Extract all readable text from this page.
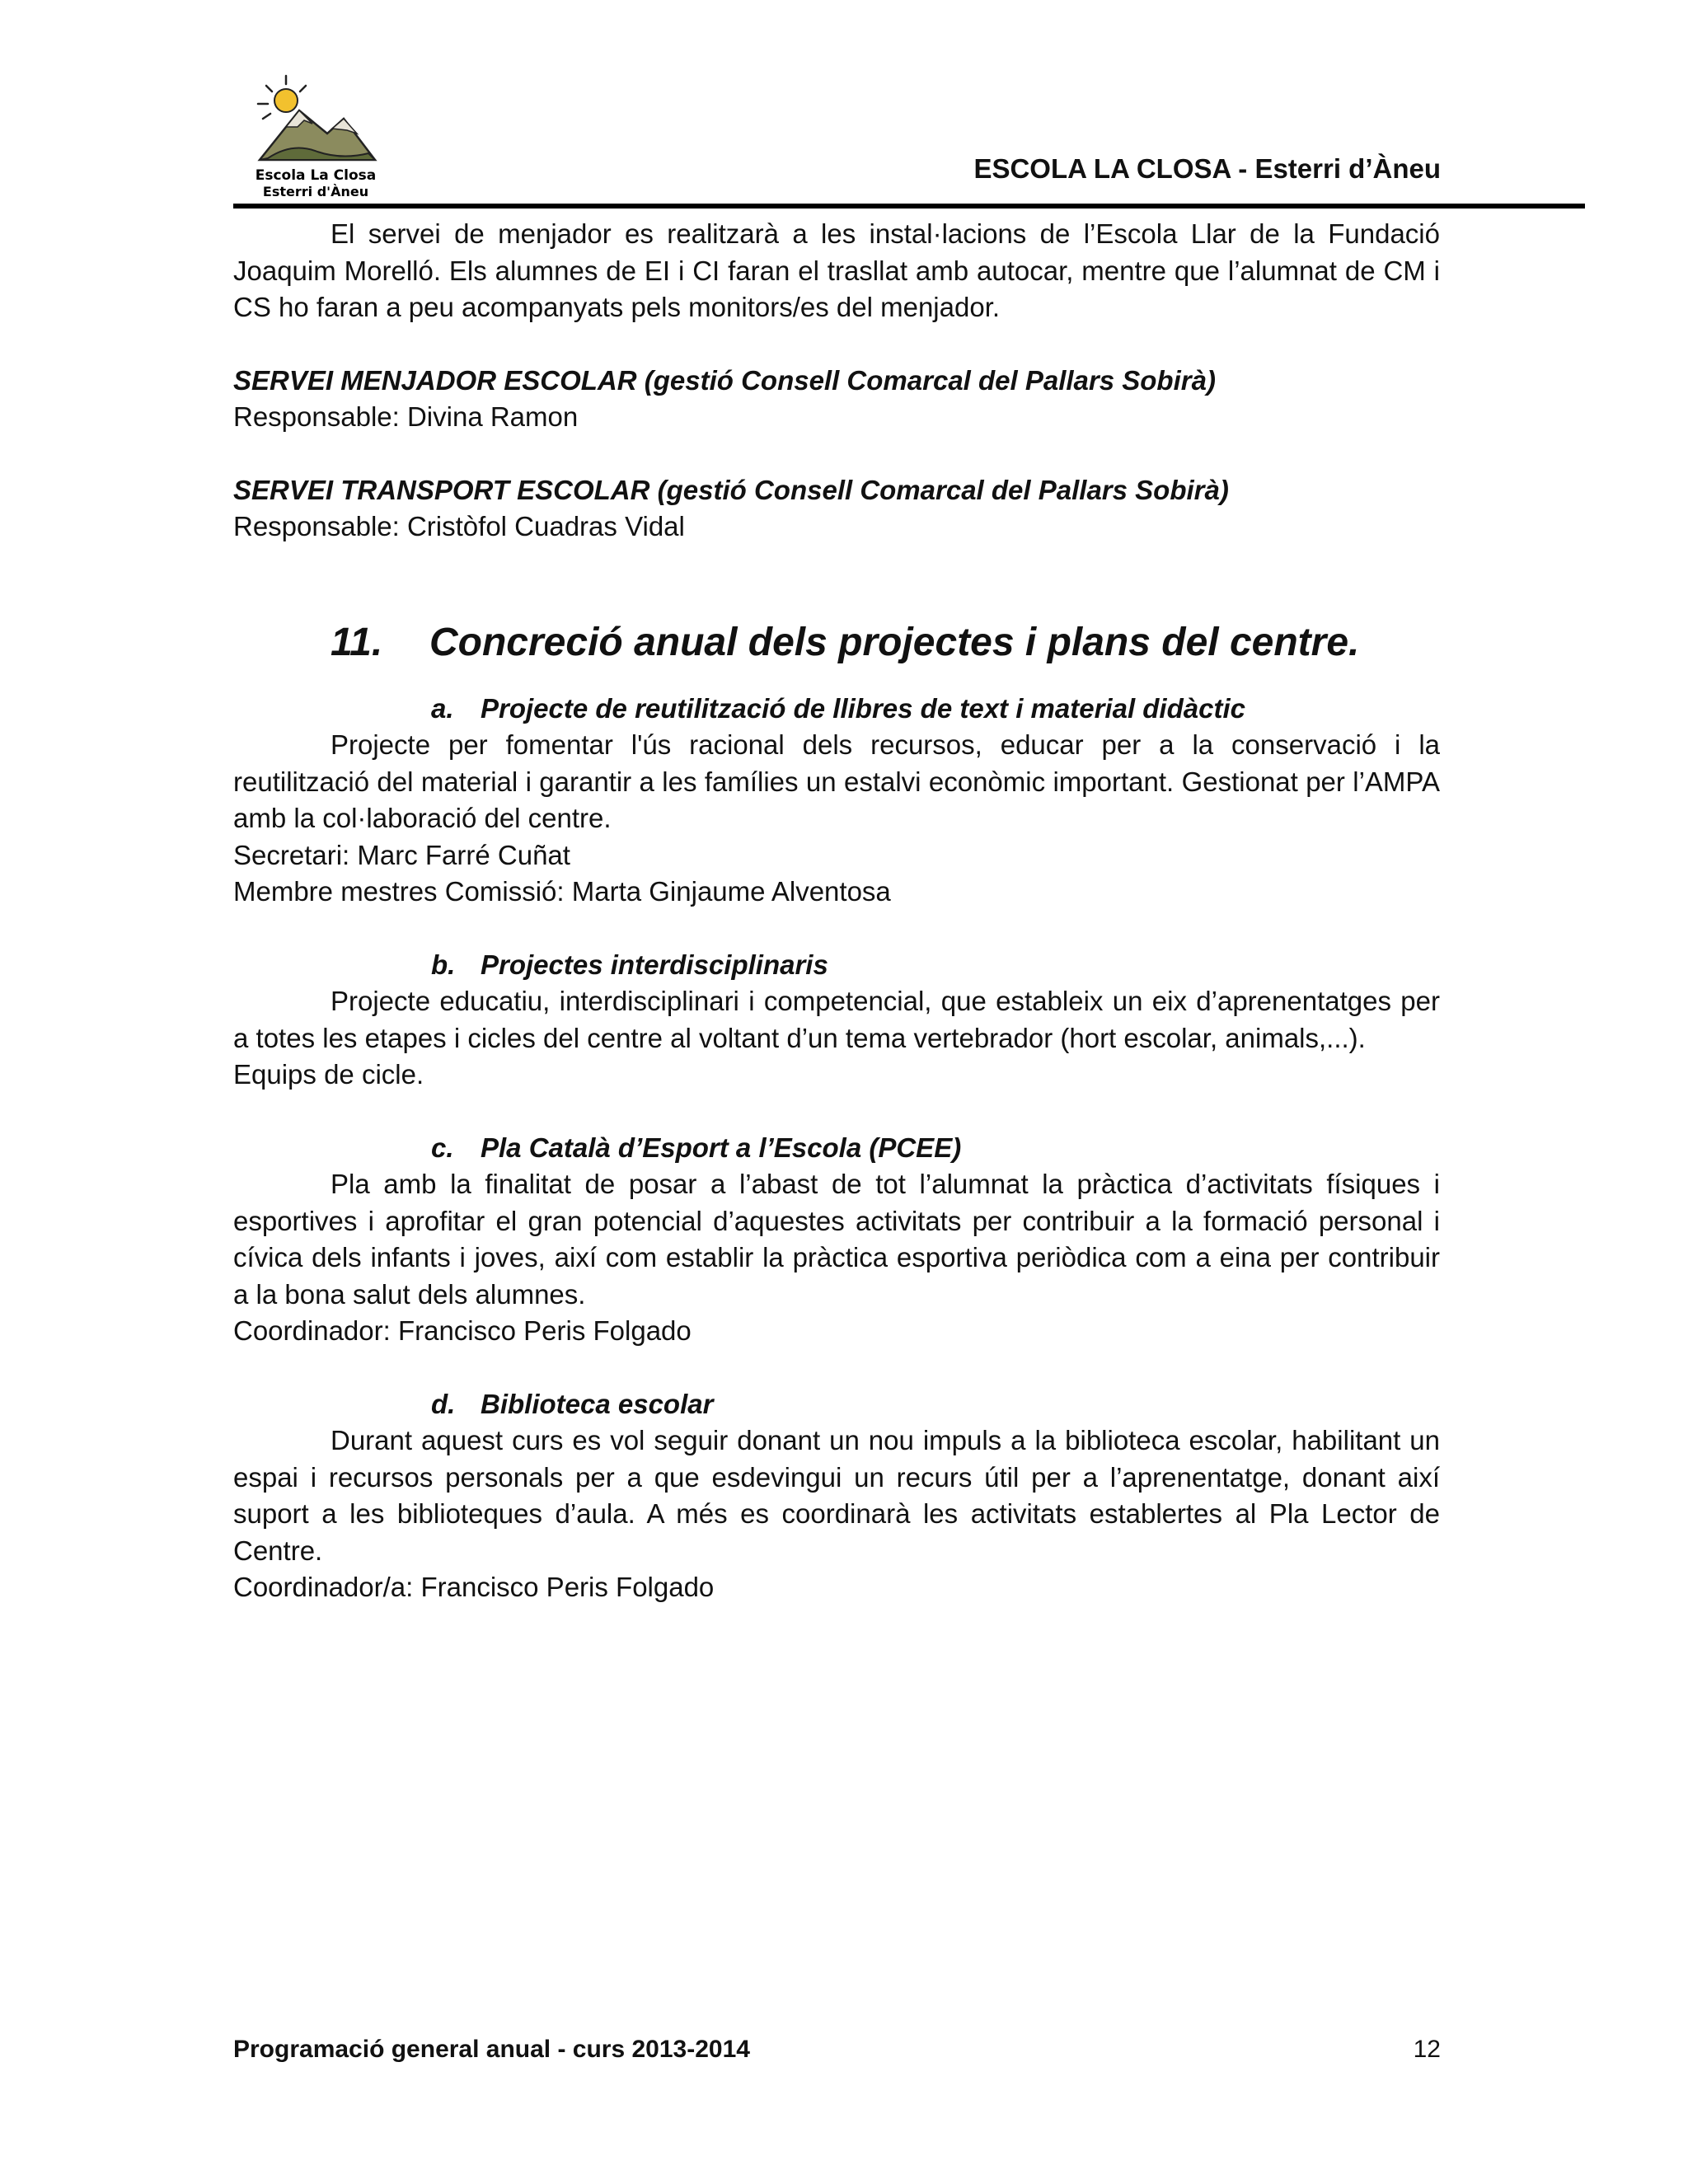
Escola La Closa
Esterri d'Àneu
ESCOLA LA CLOSA - Esterri d’Àneu

El servei de menjador es realitzarà a les instal·lacions de l’Escola Llar de la Fundació Joaquim Morelló. Els alumnes de EI i CI faran el trasllat amb autocar, mentre que l’alumnat de CM i CS ho faran a peu acompanyats pels monitors/es del menjador.

SERVEI MENJADOR ESCOLAR (gestió Consell Comarcal del Pallars Sobirà)

Responsable: Divina Ramon

SERVEI TRANSPORT ESCOLAR (gestió Consell Comarcal del Pallars Sobirà)

Responsable: Cristòfol Cuadras Vidal

11.	Concreció anual dels projectes i plans del centre.
a. Projecte de reutilització de llibres de text i material didàctic

Projecte per fomentar l'ús racional dels recursos, educar per a la conservació i la reutilització del material i garantir a les famílies un estalvi econòmic important. Gestionat per l’AMPA amb la col·laboració del centre.

Secretari: Marc Farré Cuñat

Membre mestres Comissió: Marta Ginjaume Alventosa

b. Projectes interdisciplinaris

Projecte educatiu, interdisciplinari i competencial, que estableix un eix d’aprenentatges per a totes les etapes i cicles del centre al voltant d’un tema vertebrador (hort escolar, animals,...).

Equips de cicle.

c. Pla Català d’Esport a l’Escola (PCEE)

Pla amb la finalitat de posar a l’abast de tot l’alumnat la pràctica d’activitats físiques i esportives i aprofitar el gran potencial d’aquestes activitats per contribuir a la formació personal i cívica dels infants i joves, així com establir la pràctica esportiva periòdica com a eina per contribuir a la bona salut dels alumnes.

Coordinador: Francisco Peris Folgado

d. Biblioteca escolar

Durant aquest curs es vol seguir donant un nou impuls a la biblioteca escolar, habilitant un espai i recursos personals per a que esdevingui un recurs útil per a l’aprenentatge, donant així suport a les biblioteques d’aula. A més es coordinarà les activitats establertes al Pla Lector de Centre.

Coordinador/a: Francisco Peris Folgado

Programació general anual - curs 2013-2014	12
